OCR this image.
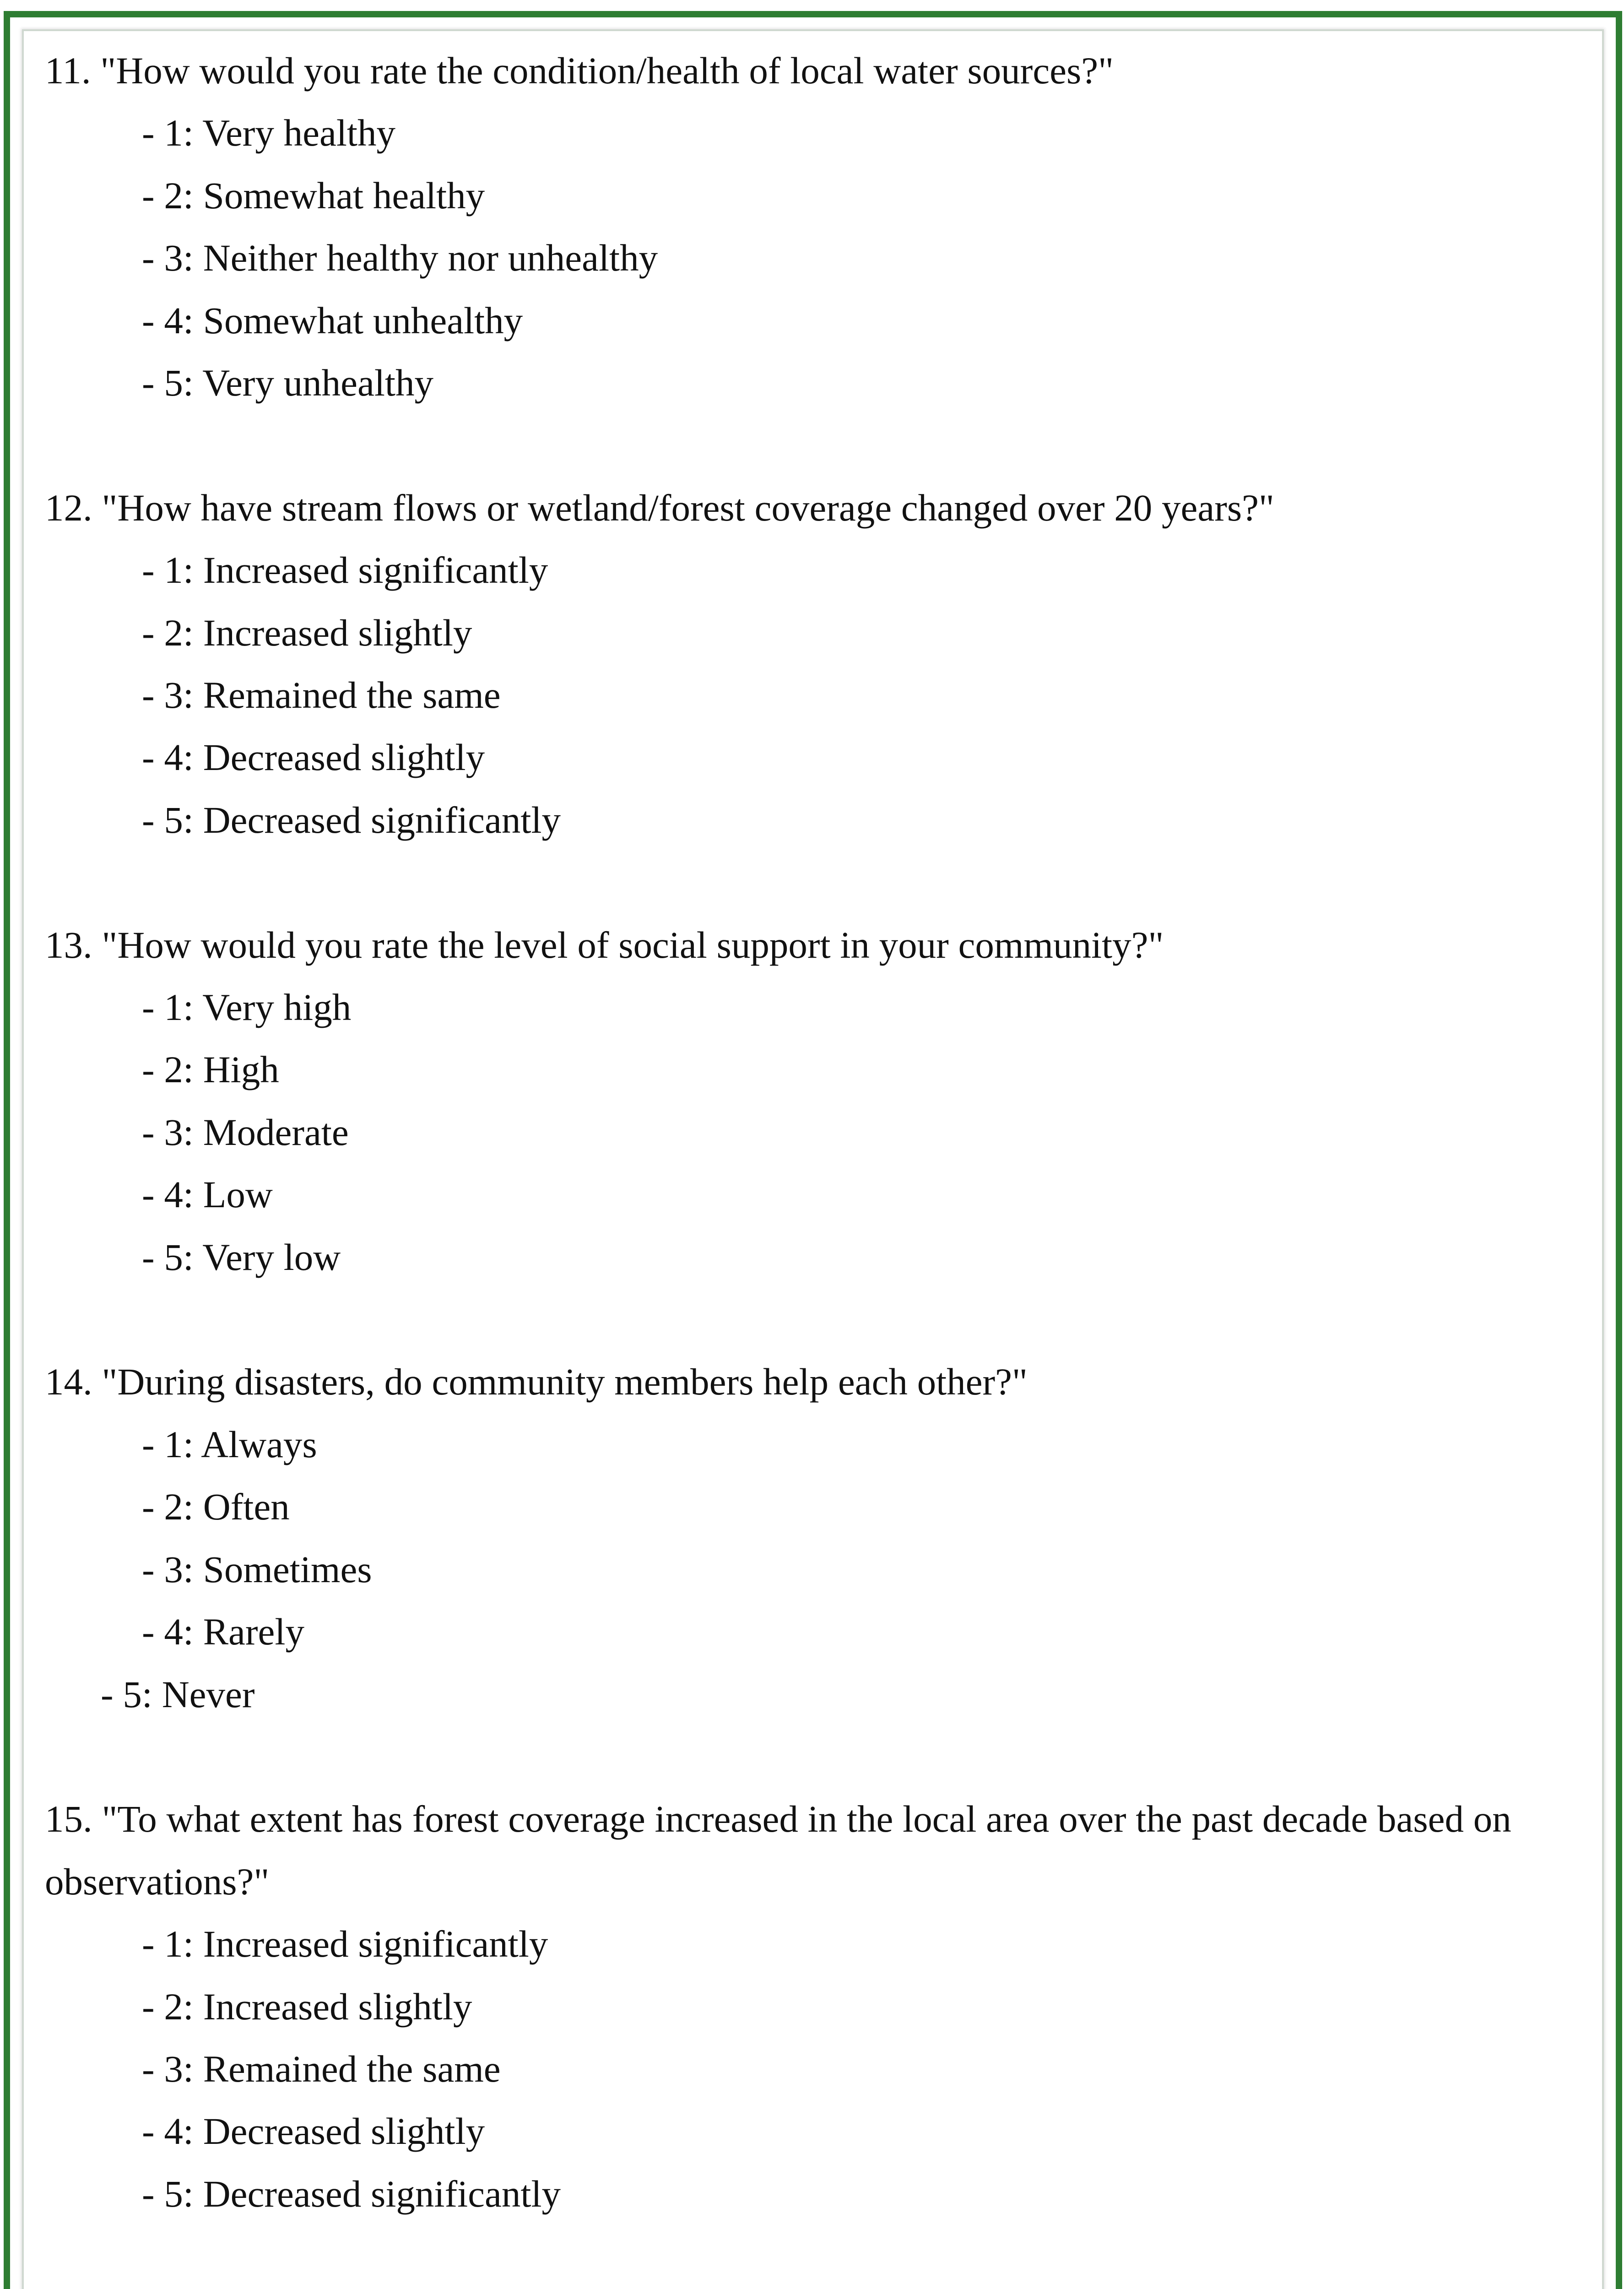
11. "How would you rate the condition/health of local water sources?"
- 1: Very healthy
- 2: Somewhat healthy
- 3: Neither healthy nor unhealthy
- 4: Somewhat unhealthy
- 5: Very unhealthy
12. "How have stream flows or wetland/forest coverage changed over 20 years?"
- 1: Increased significantly
- 2: Increased slightly
- 3: Remained the same
- 4: Decreased slightly
- 5: Decreased significantly
13. "How would you rate the level of social support in your community?"
- 1: Very high
- 2: High
- 3: Moderate
- 4: Low
- 5: Very low
14. "During disasters, do community members help each other?"
- 1: Always
- 2: Often
- 3: Sometimes
- 4: Rarely
- 5: Never
15. "To what extent has forest coverage increased in the local area over the past decade based on observations?"
- 1: Increased significantly
- 2: Increased slightly
- 3: Remained the same
- 4: Decreased slightly
- 5: Decreased significantly
